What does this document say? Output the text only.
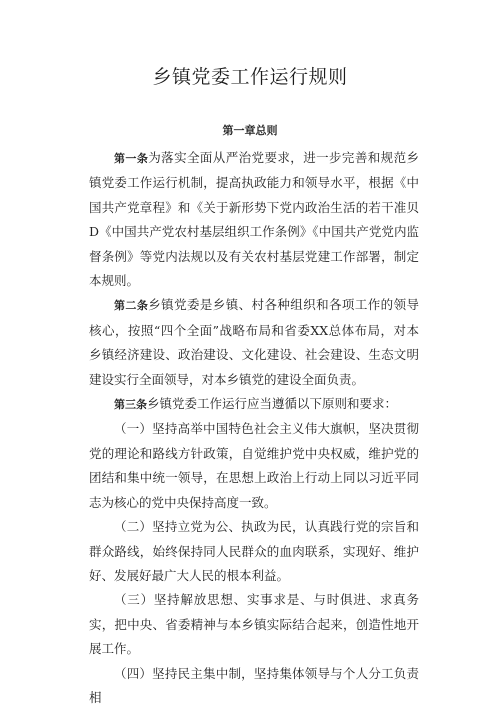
乡镇党委工作运行规则
第一章总则

第一条为落实全面从严治党要求，进一步完善和规范乡镇党委工作运行机制，提高执政能力和领导水平，根据《中国共产党章程》和《关于新形势下党内政治生活的若干准贝D《中国共产党农村基层组织工作条例》《中国共产党党内监督条例》等党内法规以及有关农村基层党建工作部署，制定本规则。

第二条乡镇党委是乡镇、村各种组织和各项工作的领导核心，按照“四个全面”战略布局和省委XX总体布局，对本乡镇经济建设、政治建设、文化建设、社会建设、生态文明建设实行全面领导，对本乡镇党的建设全面负责。

第三条乡镇党委工作运行应当遵循以下原则和要求：

（一）坚持高举中国特色社会主义伟大旗帜，坚决贯彻党的理论和路线方针政策，自觉维护党中央权威，维护党的团结和集中统一领导，在思想上政治上行动上同以习近平同志为核心的党中央保持高度一致。

（二）坚持立党为公、执政为民，认真践行党的宗旨和群众路线，始终保持同人民群众的血肉联系，实现好、维护好、发展好最广大人民的根本利益。

（三）坚持解放思想、实事求是、与时俱进、求真务实，把中央、省委精神与本乡镇实际结合起来，创造性地开展工作。

（四）坚持民主集中制，坚持集体领导与个人分工负责相
